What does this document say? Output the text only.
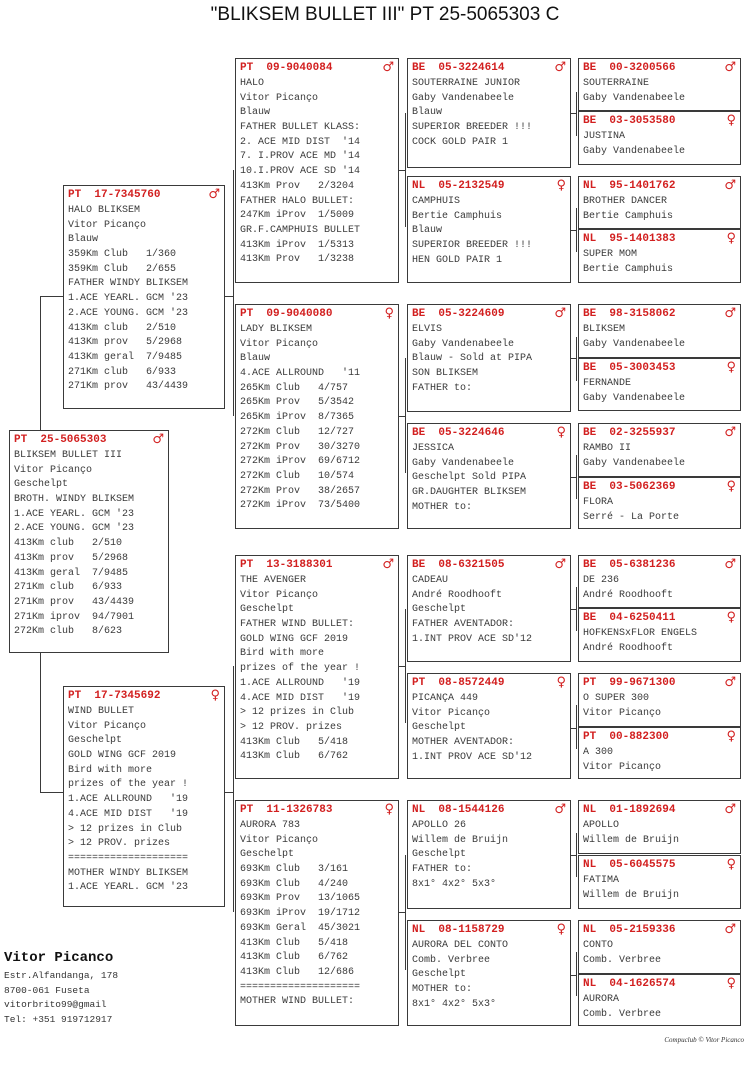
"BLIKSEM BULLET III" PT 25-5065303 C
PT  25-5065303	♂
BLIKSEM BULLET III
Vitor Picanço
Geschelpt
BROTH. WINDY BLIKSEM
1.ACE YEARL. GCM '23
2.ACE YOUNG. GCM '23
413Km club   2/510
413Km prov   5/2968
413Km geral  7/9485
271Km club   6/933
271Km prov   43/4439
271Km iprov  94/7901
272Km club   8/623
PT  17-7345760	♂
HALO BLIKSEM
Vitor Picanço
Blauw
359Km Club   1/360
359Km Club   2/655
FATHER WINDY BLIKSEM
1.ACE YEARL. GCM '23
2.ACE YOUNG. GCM '23
413Km club   2/510
413Km prov   5/2968
413Km geral  7/9485
271Km club   6/933
271Km prov   43/4439
PT  17-7345692	♀
WIND BULLET
Vitor Picanço
Geschelpt
GOLD WING GCF 2019
Bird with more
prizes of the year !
1.ACE ALLROUND   '19
4.ACE MID DIST   '19
> 12 prizes in Club
> 12 PROV. prizes
====================
MOTHER WINDY BLIKSEM
1.ACE YEARL. GCM '23
PT  09-9040084	♂
HALO
Vitor Picanço
Blauw
FATHER BULLET KLASS:
2. ACE MID DIST  '14
7. I.PROV ACE MD '14
10.I.PROV ACE SD '14
413Km Prov   2/3204
FATHER HALO BULLET:
247Km iProv  1/5009
GR.F.CAMPHUIS BULLET
413Km iProv  1/5313
413Km Prov   1/3238
PT  09-9040080	♀
LADY BLIKSEM
Vitor Picanço
Blauw
4.ACE ALLROUND   '11
265Km Club   4/757
265Km Prov   5/3542
265Km iProv  8/7365
272Km Club   12/727
272Km Prov   30/3270
272Km iProv  69/6712
272Km Club   10/574
272Km Prov   38/2657
272Km iProv  73/5400
PT  13-3188301	♂
THE AVENGER
Vitor Picanço
Geschelpt
FATHER WIND BULLET:
GOLD WING GCF 2019
Bird with more
prizes of the year !
1.ACE ALLROUND   '19
4.ACE MID DIST   '19
> 12 prizes in Club
> 12 PROV. prizes
413Km Club   5/418
413Km Club   6/762
PT  11-1326783	♀
AURORA 783
Vitor Picanço
Geschelpt
693Km Club   3/161
693Km Club   4/240
693Km Prov   13/1065
693Km iProv  19/1712
693Km Geral  45/3021
413Km Club   5/418
413Km Club   6/762
413Km Club   12/686
====================
MOTHER WIND BULLET:
BE  05-3224614	♂
SOUTERRAINE JUNIOR
Gaby Vandenabeele
Blauw
SUPERIOR BREEDER !!!
COCK GOLD PAIR 1
NL  05-2132549	♀
CAMPHUIS
Bertie Camphuis
Blauw
SUPERIOR BREEDER !!!
HEN GOLD PAIR 1
BE  05-3224609	♂
ELVIS
Gaby Vandenabeele
Blauw - Sold at PIPA
SON BLIKSEM
FATHER to:
BE  05-3224646	♀
JESSICA
Gaby Vandenabeele
Geschelpt Sold PIPA
GR.DAUGHTER BLIKSEM
MOTHER to:
BE  08-6321505	♂
CADEAU
André Roodhooft
Geschelpt
FATHER AVENTADOR:
1.INT PROV ACE SD'12
PT  08-8572449	♀
PICANÇA 449
Vitor Picanço
Geschelpt
MOTHER AVENTADOR:
1.INT PROV ACE SD'12
NL  08-1544126	♂
APOLLO 26
Willem de Bruijn
Geschelpt
FATHER to:
8x1° 4x2° 5x3°
NL  08-1158729	♀
AURORA DEL CONTO
Comb. Verbree
Geschelpt
MOTHER to:
8x1° 4x2° 5x3°
BE  00-3200566	♂
SOUTERRAINE
Gaby Vandenabeele
BE  03-3053580	♀
JUSTINA
Gaby Vandenabeele
NL  95-1401762	♂
BROTHER DANCER
Bertie Camphuis
NL  95-1401383	♀
SUPER MOM
Bertie Camphuis
BE  98-3158062	♂
BLIKSEM
Gaby Vandenabeele
BE  05-3003453	♀
FERNANDE
Gaby Vandenabeele
BE  02-3255937	♂
RAMBO II
Gaby Vandenabeele
BE  03-5062369	♀
FLORA
Serré - La Porte
BE  05-6381236	♂
DE 236
André Roodhooft
BE  04-6250411	♀
HOFKENSxFLOR ENGELS
André Roodhooft
PT  99-9671300	♂
O SUPER 300
Vitor Picanço
PT  00-882300	♀
A 300
Vitor Picanço
NL  01-1892694	♂
APOLLO
Willem de Bruijn
NL  05-6045575	♀
FATIMA
Willem de Bruijn
NL  05-2159336	♂
CONTO
Comb. Verbree
NL  04-1626574	♀
AURORA
Comb. Verbree
Vitor Picanco
Estr.Alfandanga, 178
8700-061 Fuseta
vitorbrito99@gmail
Tel: +351 919712917
Compuclub © Vitor Picanco
